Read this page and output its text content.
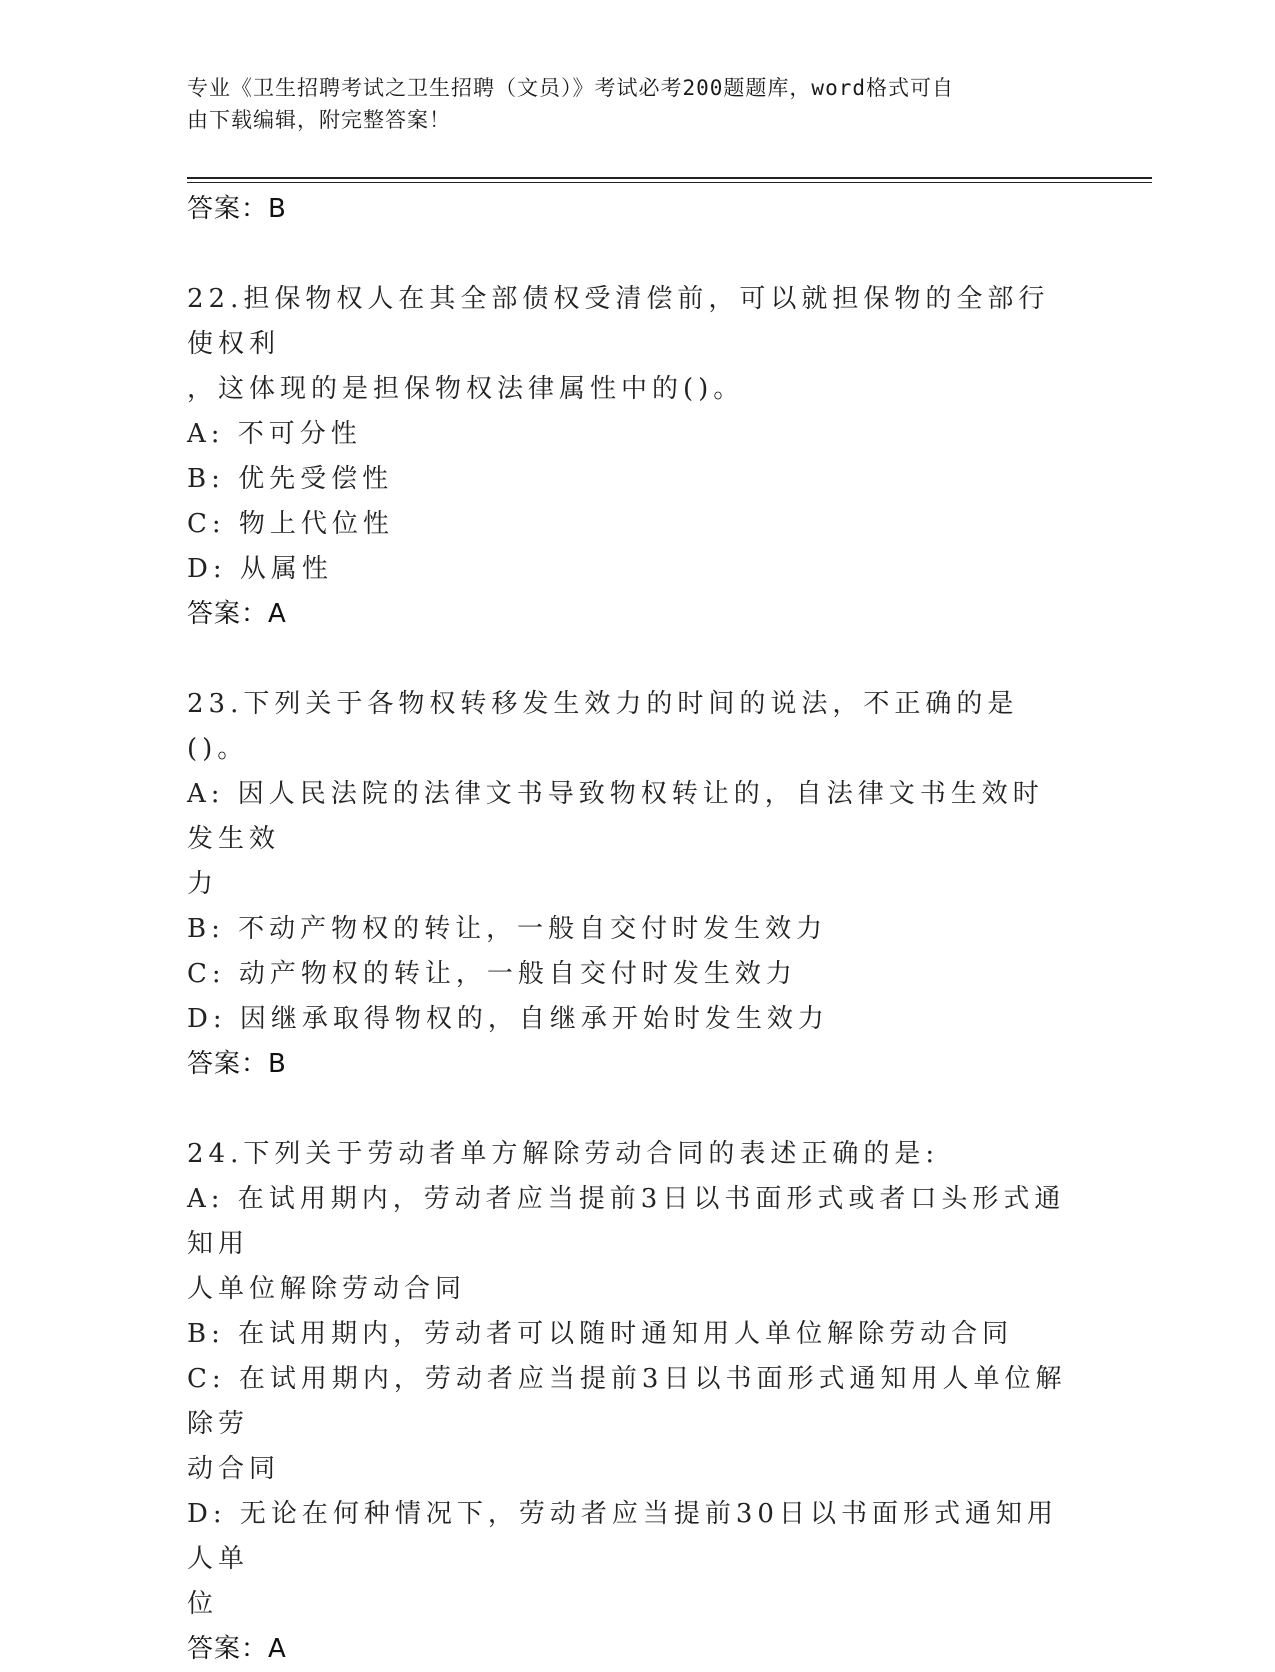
专业《卫生招聘考试之卫生招聘（文员）》考试必考200题题库，word格式可自
由下载编辑，附完整答案！
答案：B
22.担保物权人在其全部债权受清偿前，可以就担保物的全部行使权利
，这体现的是担保物权法律属性中的()。
A: 不可分性
B: 优先受偿性
C: 物上代位性
D: 从属性
答案：A
23.下列关于各物权转移发生效力的时间的说法，不正确的是()。
A: 因人民法院的法律文书导致物权转让的，自法律文书生效时发生效
力
B: 不动产物权的转让，一般自交付时发生效力
C: 动产物权的转让，一般自交付时发生效力
D: 因继承取得物权的，自继承开始时发生效力
答案：B
24.下列关于劳动者单方解除劳动合同的表述正确的是:
A: 在试用期内，劳动者应当提前3日以书面形式或者口头形式通知用
人单位解除劳动合同
B: 在试用期内，劳动者可以随时通知用人单位解除劳动合同
C: 在试用期内，劳动者应当提前3日以书面形式通知用人单位解除劳
动合同
D: 无论在何种情况下，劳动者应当提前30日以书面形式通知用人单
位
答案：A
